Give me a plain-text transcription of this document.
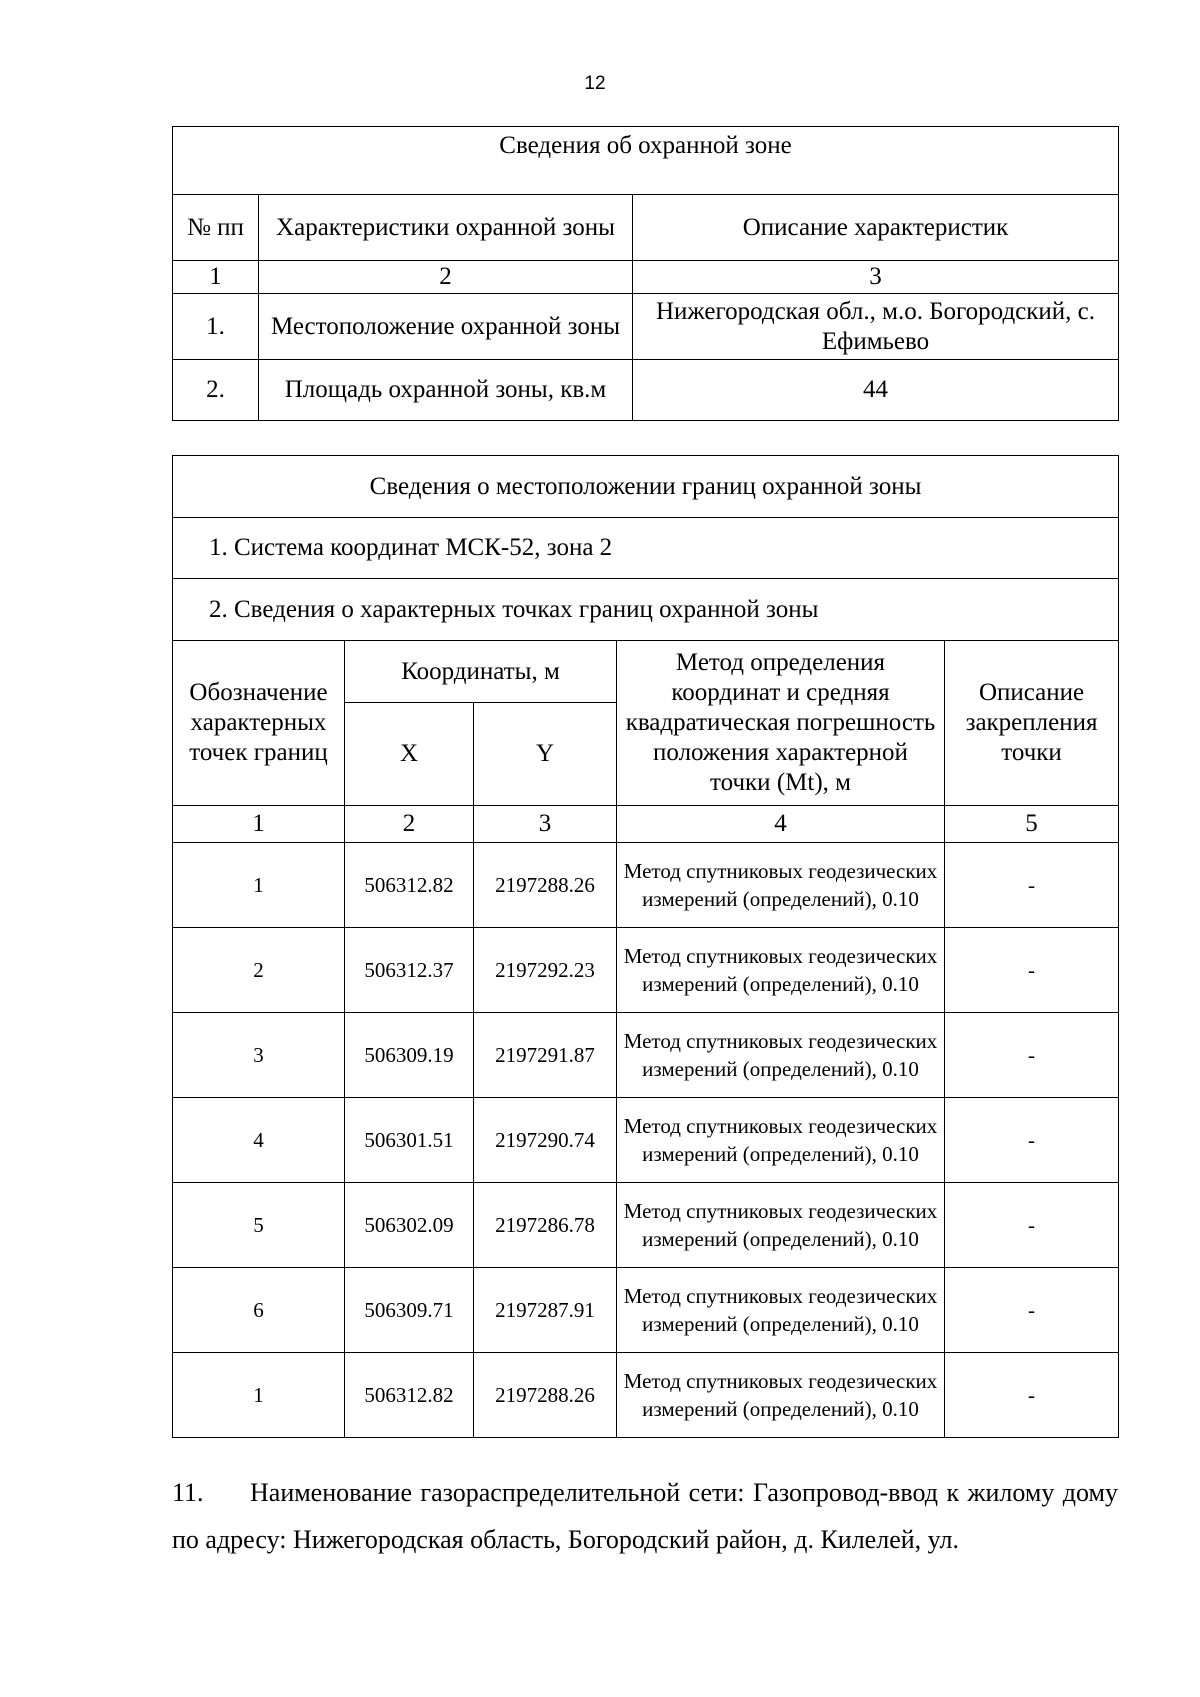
12
Сведения об охранной зоне		
№ пп	Характеристики охранной зоны	Описание характеристик
1	2	3
1.	Местоположение охранной зоны	Нижегородская обл., м.о. Богородский, с. Ефимьево
2.	Площадь охранной зоны, кв.м	44
Сведения о местоположении границ охранной зоны				
1. Система координат МСК-52, зона 2				
2. Сведения о характерных точках границ охранной зоны				
Обозначение характерных точек границ	Координаты, м		Метод определения координат и средняя квадратическая погрешность положения характерной точки (Mt), м	Описание закрепления точки
	X	Y		
1	2	3	4	5
1	506312.82	2197288.26	Метод спутниковых геодезических измерений (определений), 0.10	-
2	506312.37	2197292.23	Метод спутниковых геодезических измерений (определений), 0.10	-
3	506309.19	2197291.87	Метод спутниковых геодезических измерений (определений), 0.10	-
4	506301.51	2197290.74	Метод спутниковых геодезических измерений (определений), 0.10	-
5	506302.09	2197286.78	Метод спутниковых геодезических измерений (определений), 0.10	-
6	506309.71	2197287.91	Метод спутниковых геодезических измерений (определений), 0.10	-
1	506312.82	2197288.26	Метод спутниковых геодезических измерений (определений), 0.10	-
11. Наименование газораспределительной сети: Газопровод-ввод к жилому дому по адресу: Нижегородская область, Богородский район, д. Килелей, ул.
